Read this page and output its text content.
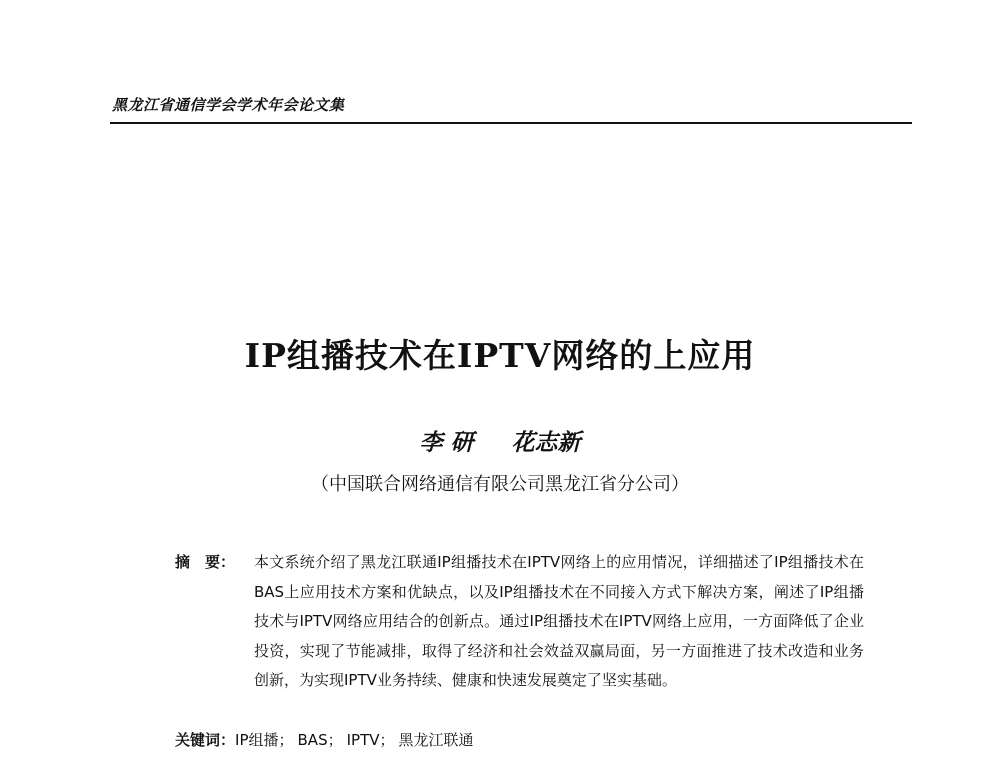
黑龙江省通信学会学术年会论文集
IP组播技术在IPTV网络的上应用
李 研 花志新
（中国联合网络通信有限公司黑龙江省分公司）
摘　要：	本文系统介绍了黑龙江联通IP组播技术在IPTV网络上的应用情况，详细描述了IP组播技术在BAS上应用技术方案和优缺点，以及IP组播技术在不同接入方式下解决方案，阐述了IP组播技术与IPTV网络应用结合的创新点。通过IP组播技术在IPTV网络上应用，一方面降低了企业投资，实现了节能减排，取得了经济和社会效益双赢局面，另一方面推进了技术改造和业务创新，为实现IPTV业务持续、健康和快速发展奠定了坚实基础。
关键词：IP组播； BAS； IPTV； 黑龙江联通
